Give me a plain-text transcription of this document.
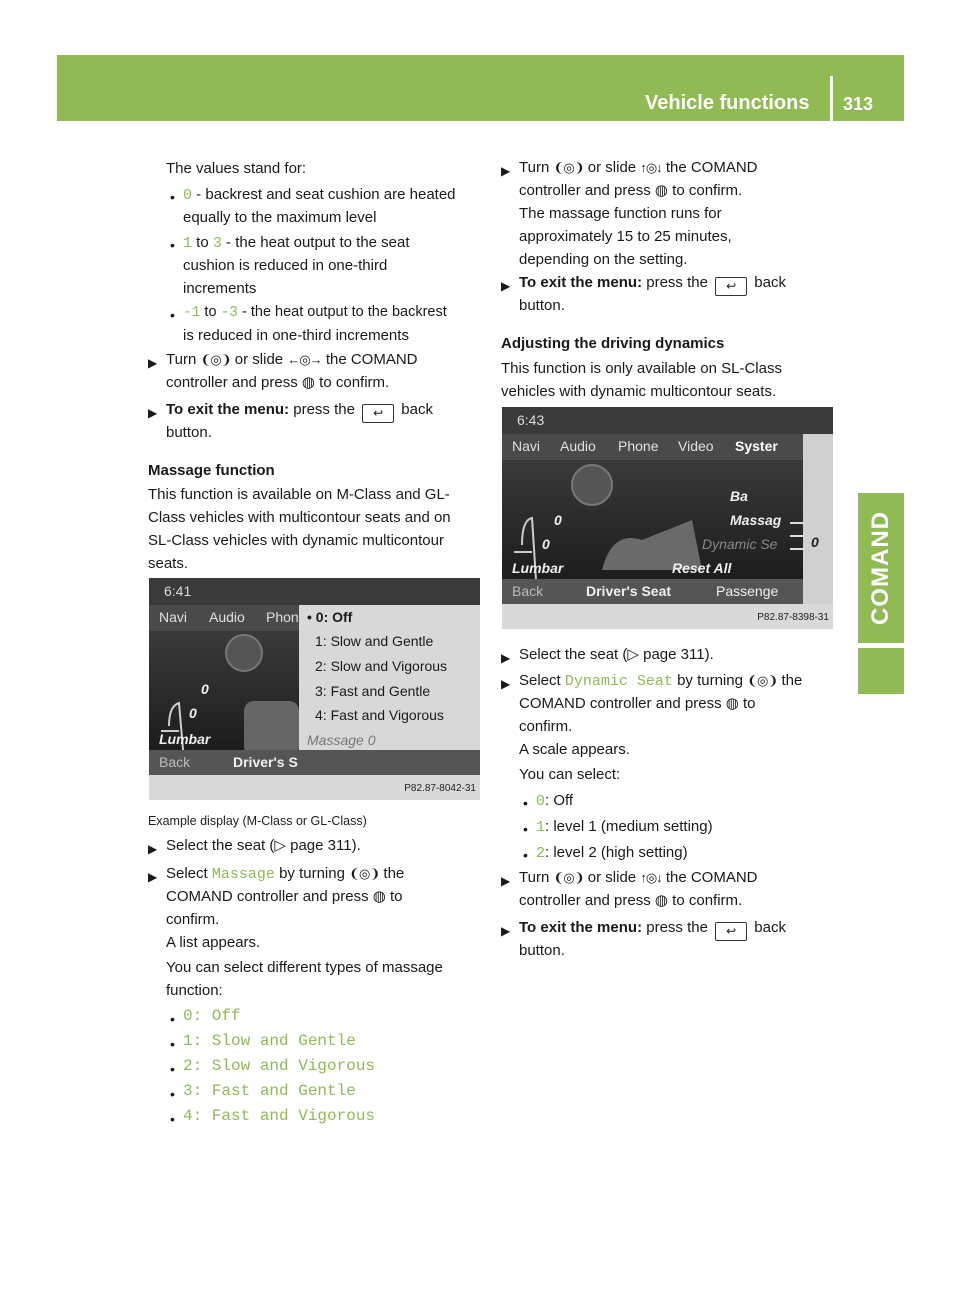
Vehicle functions 313
COMAND
The values stand for:
• 0 - backrest and seat cushion are heated
equally to the maximum level
• 1 to 3 - the heat output to the seat
cushion is reduced in one-third
increments
• -1 to -3 - the heat output to the backrest
is reduced in one-third increments
▶ Turn ❨◎❩ or slide ←◎→ the COMAND
controller and press ◍ to confirm.
▶ To exit the menu: press the ↩ back
button.
Massage function
This function is available on M-Class and GL-
Class vehicles with multicontour seats and on
SL-Class vehicles with dynamic multicontour
seats.
6:41
Navi Audio Phon
0
0
Lumbar
• 0: Off
1: Slow and Gentle
2: Slow and Vigorous
3: Fast and Gentle
4: Fast and Vigorous
Massage 0
Back	Driver's S
P82.87-8042-31
Example display (M-Class or GL-Class)
▶ Select the seat (▷ page 311).
▶ Select Massage by turning ❨◎❩ the
COMAND controller and press ◍ to
confirm.
A list appears.
You can select different types of massage
function:
• 0: Off
• 1: Slow and Gentle
• 2: Slow and Vigorous
• 3: Fast and Gentle
• 4: Fast and Vigorous
▶ Turn ❨◎❩ or slide ↑◎↓ the COMAND
controller and press ◍ to confirm.
The massage function runs for
approximately 15 to 25 minutes,
depending on the setting.
▶ To exit the menu: press the ↩ back
button.
Adjusting the driving dynamics
This function is only available on SL-Class
vehicles with dynamic multicontour seats.
6:43
Navi Audio Phone Video Syster
Ba
Massag
Dynamic Se
0
0
Lumbar	Reset All
0
Back	Driver's Seat	Passenge
P82.87-8398-31
▶ Select the seat (▷ page 311).
▶ Select Dynamic Seat by turning ❨◎❩ the
COMAND controller and press ◍ to
confirm.
A scale appears.
You can select:
• 0: Off
• 1: level 1 (medium setting)
• 2: level 2 (high setting)
▶ Turn ❨◎❩ or slide ↑◎↓ the COMAND
controller and press ◍ to confirm.
▶ To exit the menu: press the ↩ back
button.
